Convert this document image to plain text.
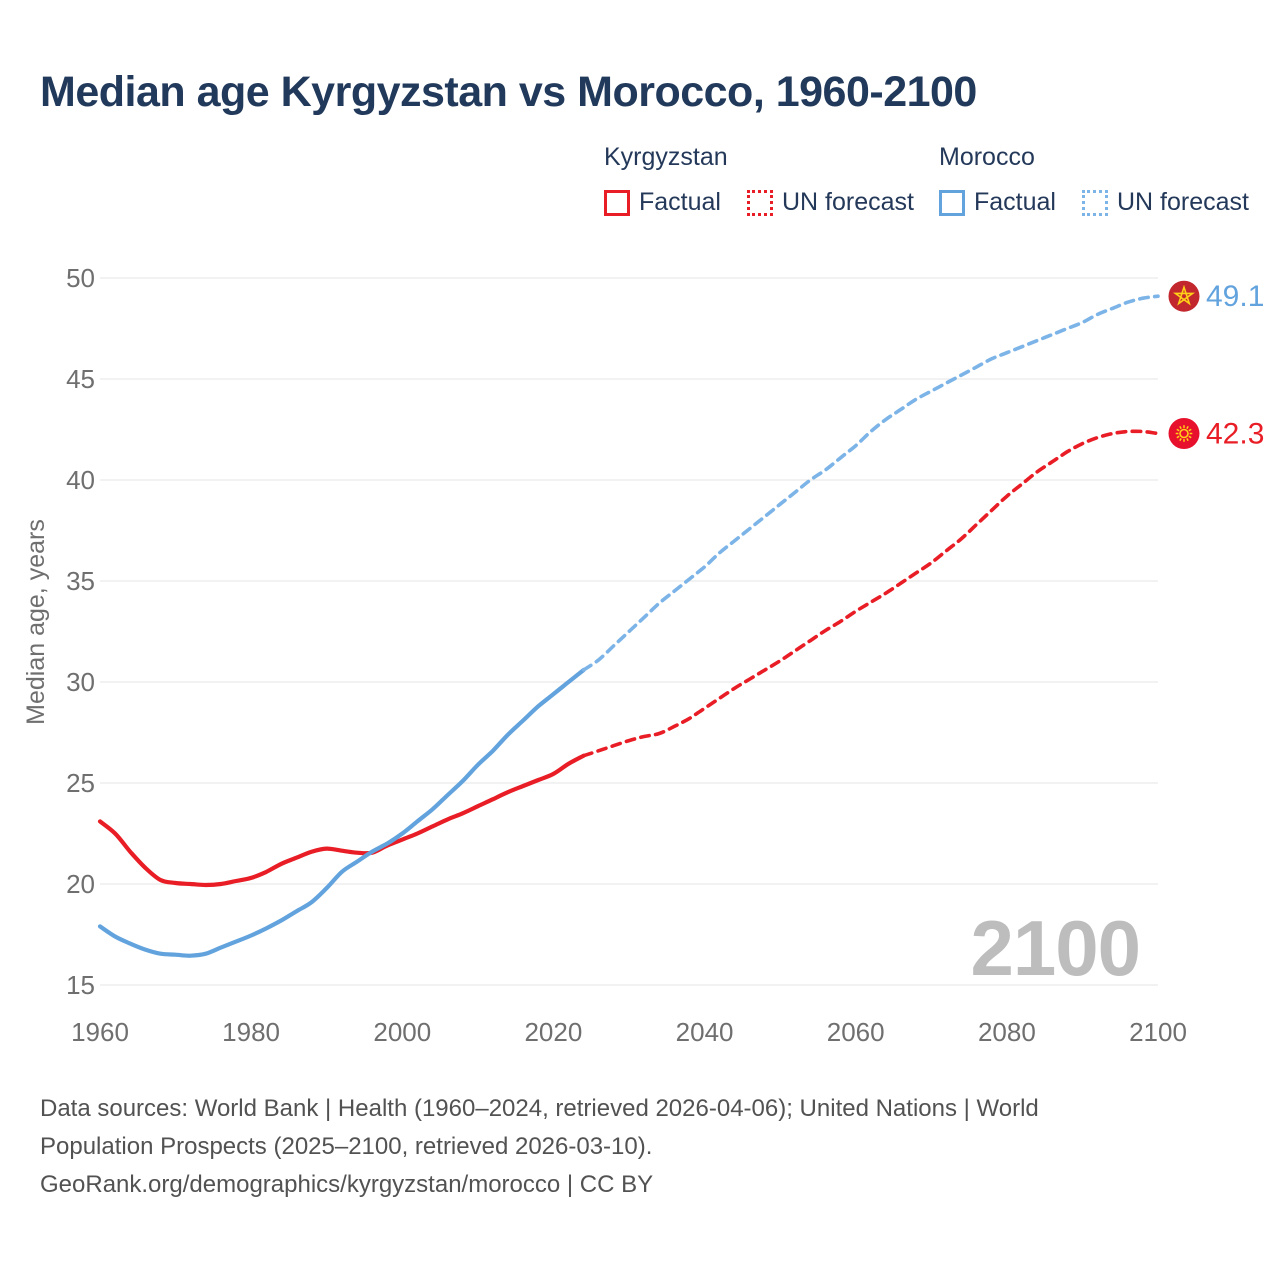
Median age Kyrgyzstan vs Morocco, 1960-2100

Kyrgyzstan

Factual UN forecast

Morocco

Factual UN forecast
2100
15
20
25
30
35
40
45
50
1960	1980	2000	2020	2040	2060	2080	2100
Median age, years
49.1
42.3
Data sources: World Bank | Health (1960–2024, retrieved 2026-04-06); United Nations | World
Population Prospects (2025–2100, retrieved 2026-03-10).
GeoRank.org/demographics/kyrgyzstan/morocco | CC BY
